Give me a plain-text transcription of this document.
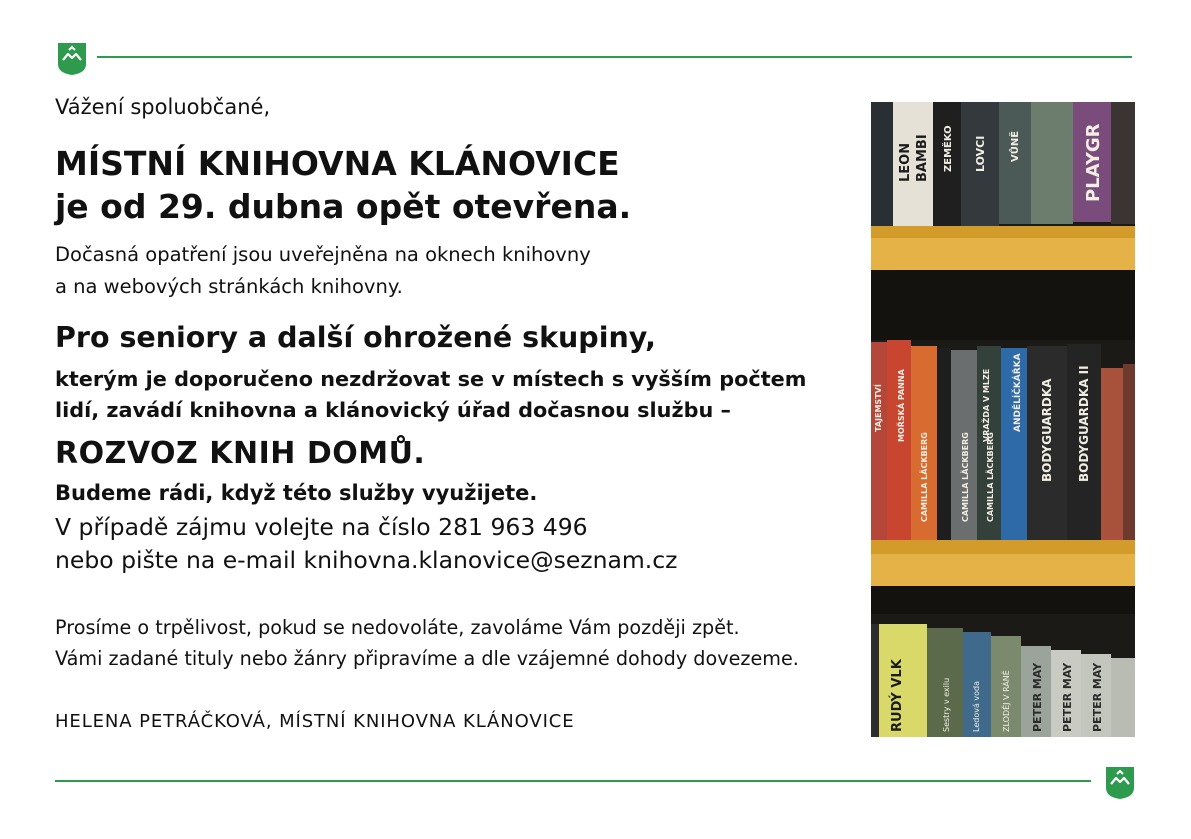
Vážení spoluobčané,
MÍSTNÍ KNIHOVNA KLÁNOVICE
je od 29. dubna opět otevřena.
Dočasná opatření jsou uveřejněna na oknech knihovny
a na webových stránkách knihovny.
Pro seniory a další ohrožené skupiny,
kterým je doporučeno nezdržovat se v místech s vyšším počtem
lidí, zavádí knihovna a klánovický úřad dočasnou službu –
ROZVOZ KNIH DOMŮ.
Budeme rádi, když této služby využijete.
V případě zájmu volejte na číslo 281 963 496
nebo pište na e-mail knihovna.klanovice@seznam.cz
Prosíme o trpělivost, pokud se nedovoláte, zavoláme Vám později zpět.
Vámi zadané tituly nebo žánry připravíme a dle vzájemné dohody dovezeme.
HELENA PETRÁČKOVÁ, MÍSTNÍ KNIHOVNA KLÁNOVICE
LEON BAMBI ZEMĚKO LOVCI VŮNĚ	PLAYGR
TAJEMSTVÍ MOŘSKÁ PANNA
CAMILLA LÄCKBERG	CAMILLA LÄCKBERG CAMILLA LÄCKBERG
ANDĚLÍČKÁŘKA
VRAŽDA V MLZE	BODYGUARDKA BODYGUARDKA II
RUDÝ VLK	Sestry v exilu	Ledová voda	ZLODĚJ V RÁNĚ PETER MAY PETER MAY PETER MAY
